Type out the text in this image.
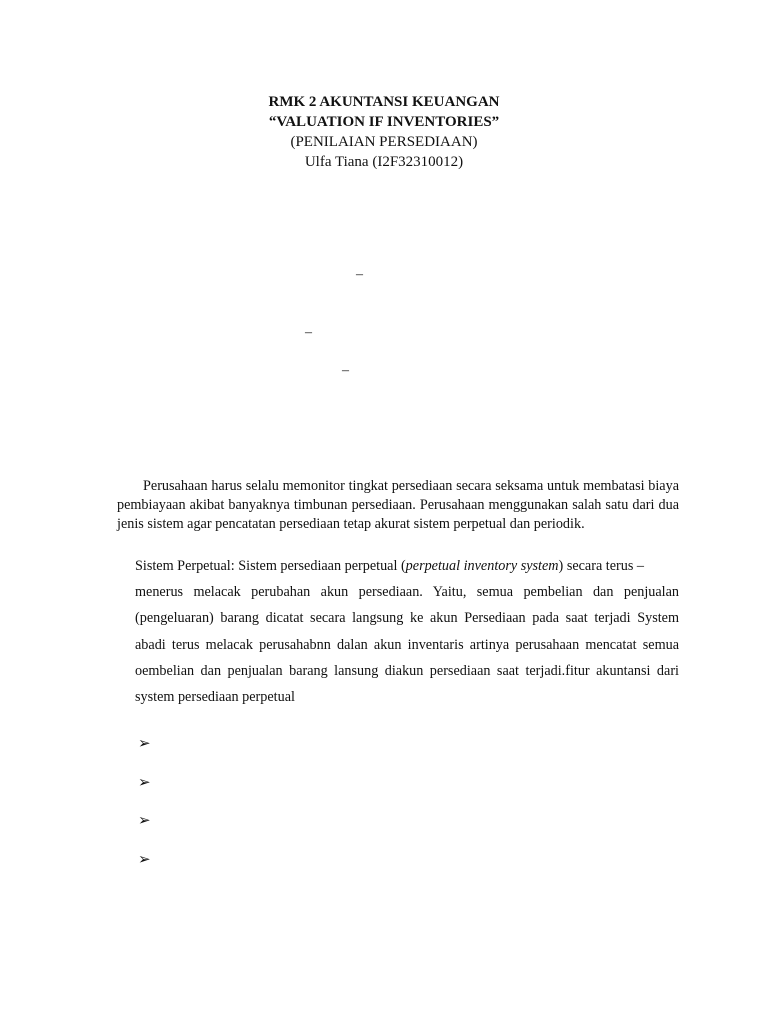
RMK 2 AKUNTANSI KEUANGAN
“VALUATION IF INVENTORIES”
(PENILAIAN PERSEDIAAN)
Ulfa Tiana (I2F32310012)
–
–
–

Perusahaan harus selalu memonitor tingkat persediaan secara seksama untuk membatasi biaya pembiayaan akibat banyaknya timbunan persediaan. Perusahaan menggunakan salah satu dari dua jenis sistem agar pencatatan persediaan tetap akurat sistem perpetual dan periodik.

Sistem Perpetual: Sistem persediaan perpetual (perpetual inventory system) secara terus –
menerus melacak perubahan akun persediaan. Yaitu, semua pembelian dan penjualan (pengeluaran) barang dicatat secara langsung ke akun Persediaan pada saat terjadi System abadi terus melacak perusahabnn dalan akun inventaris artinya perusahaan mencatat semua oembelian dan penjualan barang lansung diakun persediaan saat terjadi.fitur akuntansi dari system persediaan perpetual

➢
➢
➢
➢
